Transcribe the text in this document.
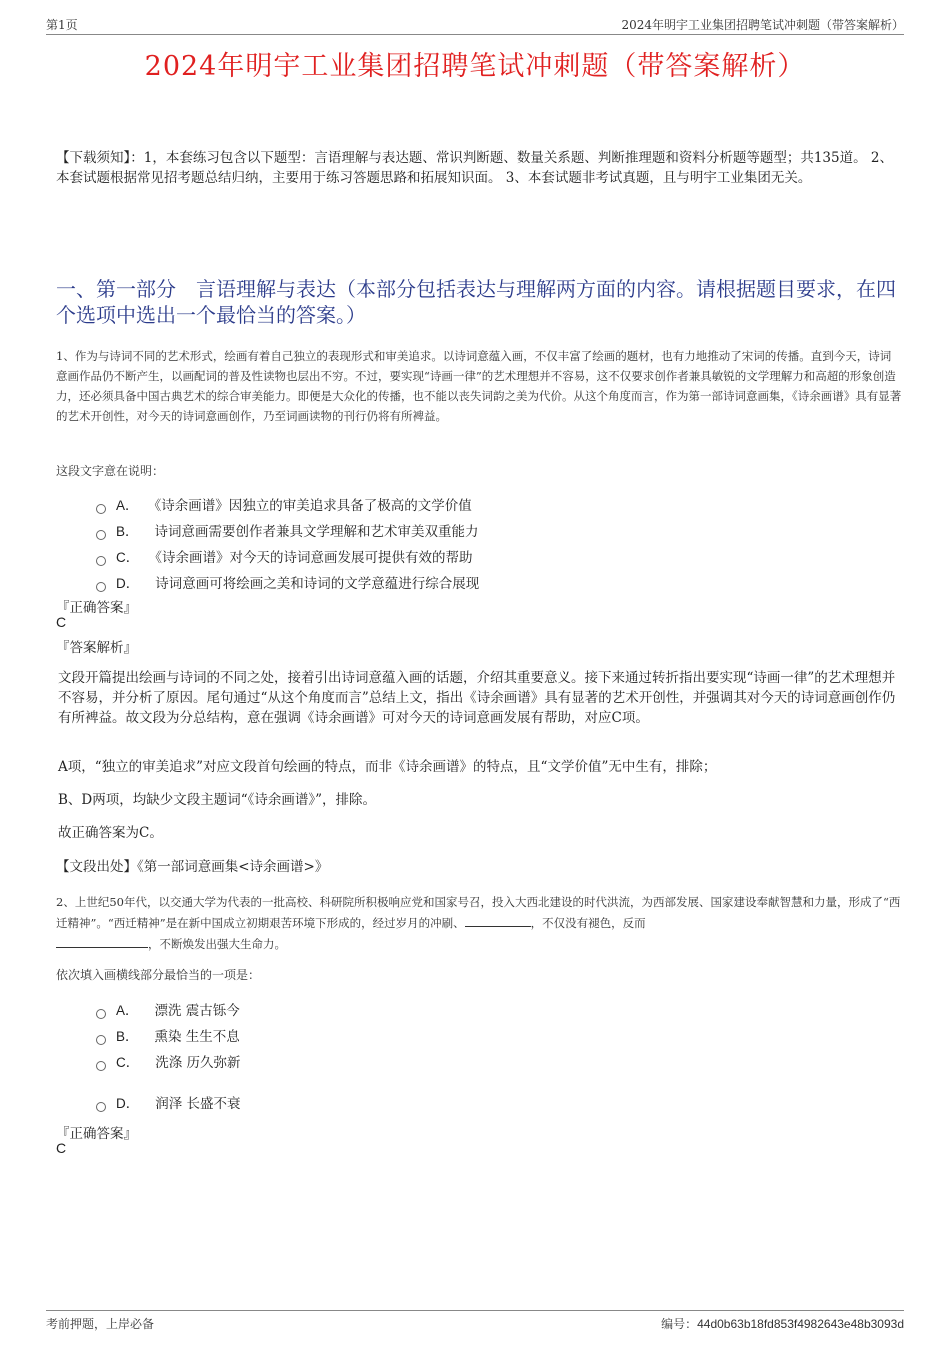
第1页	2024年明宇工业集团招聘笔试冲刺题（带答案解析）
2024年明宇工业集团招聘笔试冲刺题（带答案解析）
【下载须知】：1，本套练习包含以下题型：言语理解与表达题、常识判断题、数量关系题、判断推理题和资料分析题等题型；共135道。 2、本套试题根据常见招考题总结归纳，主要用于练习答题思路和拓展知识面。 3、本套试题非考试真题，且与明宇工业集团无关。
一、第一部分　言语理解与表达（本部分包括表达与理解两方面的内容。请根据题目要求，在四个选项中选出一个最恰当的答案。）
1、作为与诗词不同的艺术形式，绘画有着自己独立的表现形式和审美追求。以诗词意蕴入画，不仅丰富了绘画的题材，也有力地推动了宋词的传播。直到今天，诗词意画作品仍不断产生，以画配词的普及性读物也层出不穷。不过，要实现“诗画一律”的艺术理想并不容易，这不仅要求创作者兼具敏锐的文学理解力和高超的形象创造力，还必须具备中国古典艺术的综合审美能力。即便是大众化的传播，也不能以丧失词韵之美为代价。从这个角度而言，作为第一部诗词意画集，《诗余画谱》具有显著的艺术开创性，对今天的诗词意画创作，乃至词画读物的刊行仍将有所裨益。
这段文字意在说明：
A． 《诗余画谱》因独立的审美追求具备了极高的文学价值
B． 诗词意画需要创作者兼具文学理解和艺术审美双重能力
C． 《诗余画谱》对今天的诗词意画发展可提供有效的帮助
D． 诗词意画可将绘画之美和诗词的文学意蕴进行综合展现
『正确答案』
C
『答案解析』
文段开篇提出绘画与诗词的不同之处，接着引出诗词意蕴入画的话题，介绍其重要意义。接下来通过转折指出要实现“诗画一律”的艺术理想并不容易，并分析了原因。尾句通过“从这个角度而言”总结上文，指出《诗余画谱》具有显著的艺术开创性，并强调其对今天的诗词意画创作仍有所裨益。故文段为分总结构，意在强调《诗余画谱》可对今天的诗词意画发展有帮助，对应C项。
A项，“独立的审美追求”对应文段首句绘画的特点，而非《诗余画谱》的特点，且“文学价值”无中生有，排除；
B、D两项，均缺少文段主题词“《诗余画谱》”，排除。
故正确答案为C。
【文段出处】《第一部词意画集<诗余画谱>》
2、上世纪50年代，以交通大学为代表的一批高校、科研院所积极响应党和国家号召，投入大西北建设的时代洪流，为西部发展、国家建设奉献智慧和力量，形成了“西迁精神”。“西迁精神”是在新中国成立初期艰苦环境下形成的，经过岁月的冲刷、	，不仅没有褪色，反而
，不断焕发出强大生命力。
依次填入画横线部分最恰当的一项是：
A． 漂洗 震古铄今
B． 熏染 生生不息
C． 洗涤 历久弥新
D． 润泽 长盛不衰
『正确答案』
C
考前押题，上岸必备	编号：44d0b63b18fd853f4982643e48b3093d
